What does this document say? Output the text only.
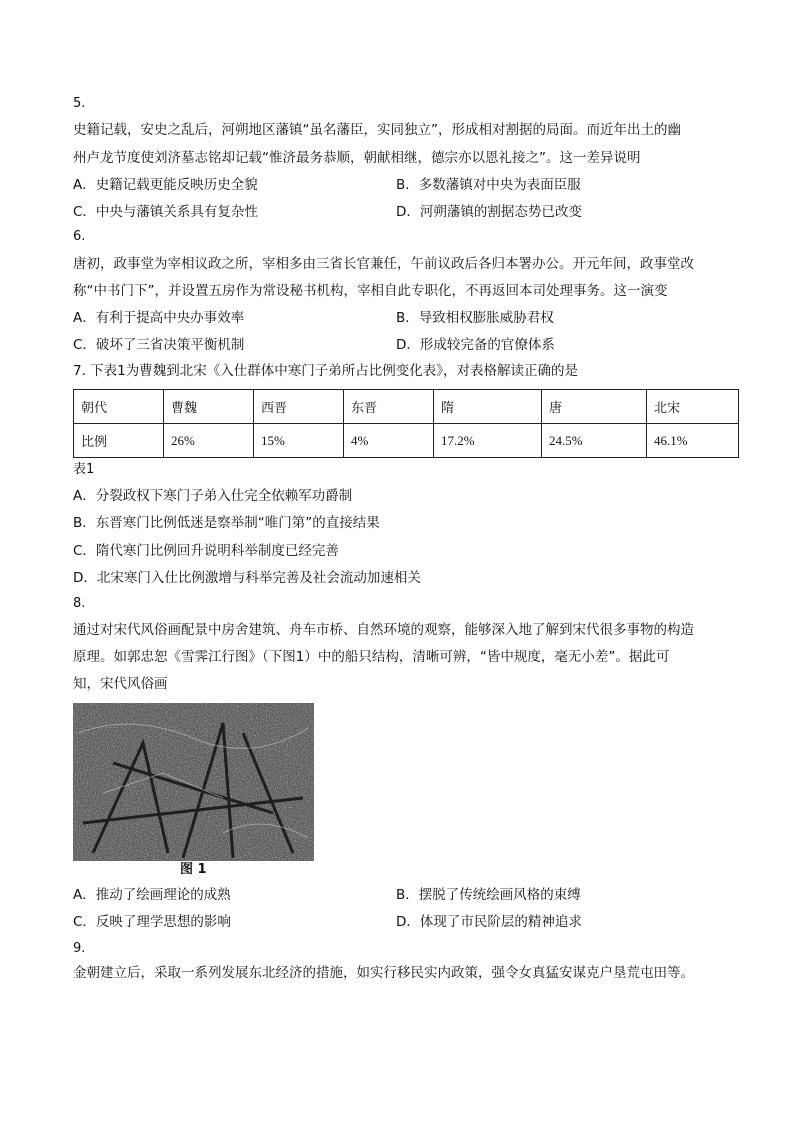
5.
史籍记载，安史之乱后，河朔地区藩镇“虽名藩臣，实同独立”，形成相对割据的局面。而近年出土的幽
州卢龙节度使刘济墓志铭却记载“惟济最务恭顺，朝献相继，德宗亦以恩礼接之”。这一差异说明
A．史籍记载更能反映历史全貌	B．多数藩镇对中央为表面臣服
C．中央与藩镇关系具有复杂性	D．河朔藩镇的割据态势已改变
6.
唐初，政事堂为宰相议政之所，宰相多由三省长官兼任，午前议政后各归本署办公。开元年间，政事堂改
称“中书门下”，并设置五房作为常设秘书机构，宰相自此专职化，不再返回本司处理事务。这一演变
A．有利于提高中央办事效率	B．导致相权膨胀威胁君权
C．破坏了三省决策平衡机制	D．形成较完备的官僚体系
7. 下表1为曹魏到北宋《入仕群体中寒门子弟所占比例变化表》，对表格解读正确的是
朝代	曹魏	西晋	东晋	隋	唐	北宋
比例	26%	15%	4%	17.2%	24.5%	46.1%
表1
A．分裂政权下寒门子弟入仕完全依赖军功爵制
B．东晋寒门比例低迷是察举制“唯门第”的直接结果
C．隋代寒门比例回升说明科举制度已经完善
D．北宋寒门入仕比例激增与科举完善及社会流动加速相关
8.
通过对宋代风俗画配景中房舍建筑、舟车市桥、自然环境的观察，能够深入地了解到宋代很多事物的构造
原理。如郭忠恕《雪霁江行图》（下图1）中的船只结构，清晰可辨，“皆中规度，毫无小差”。据此可
知，宋代风俗画
图 1
A．推动了绘画理论的成熟	B．摆脱了传统绘画风格的束缚
C．反映了理学思想的影响	D．体现了市民阶层的精神追求
9.
金朝建立后，采取一系列发展东北经济的措施，如实行移民实内政策，强令女真猛安谋克户垦荒屯田等。
